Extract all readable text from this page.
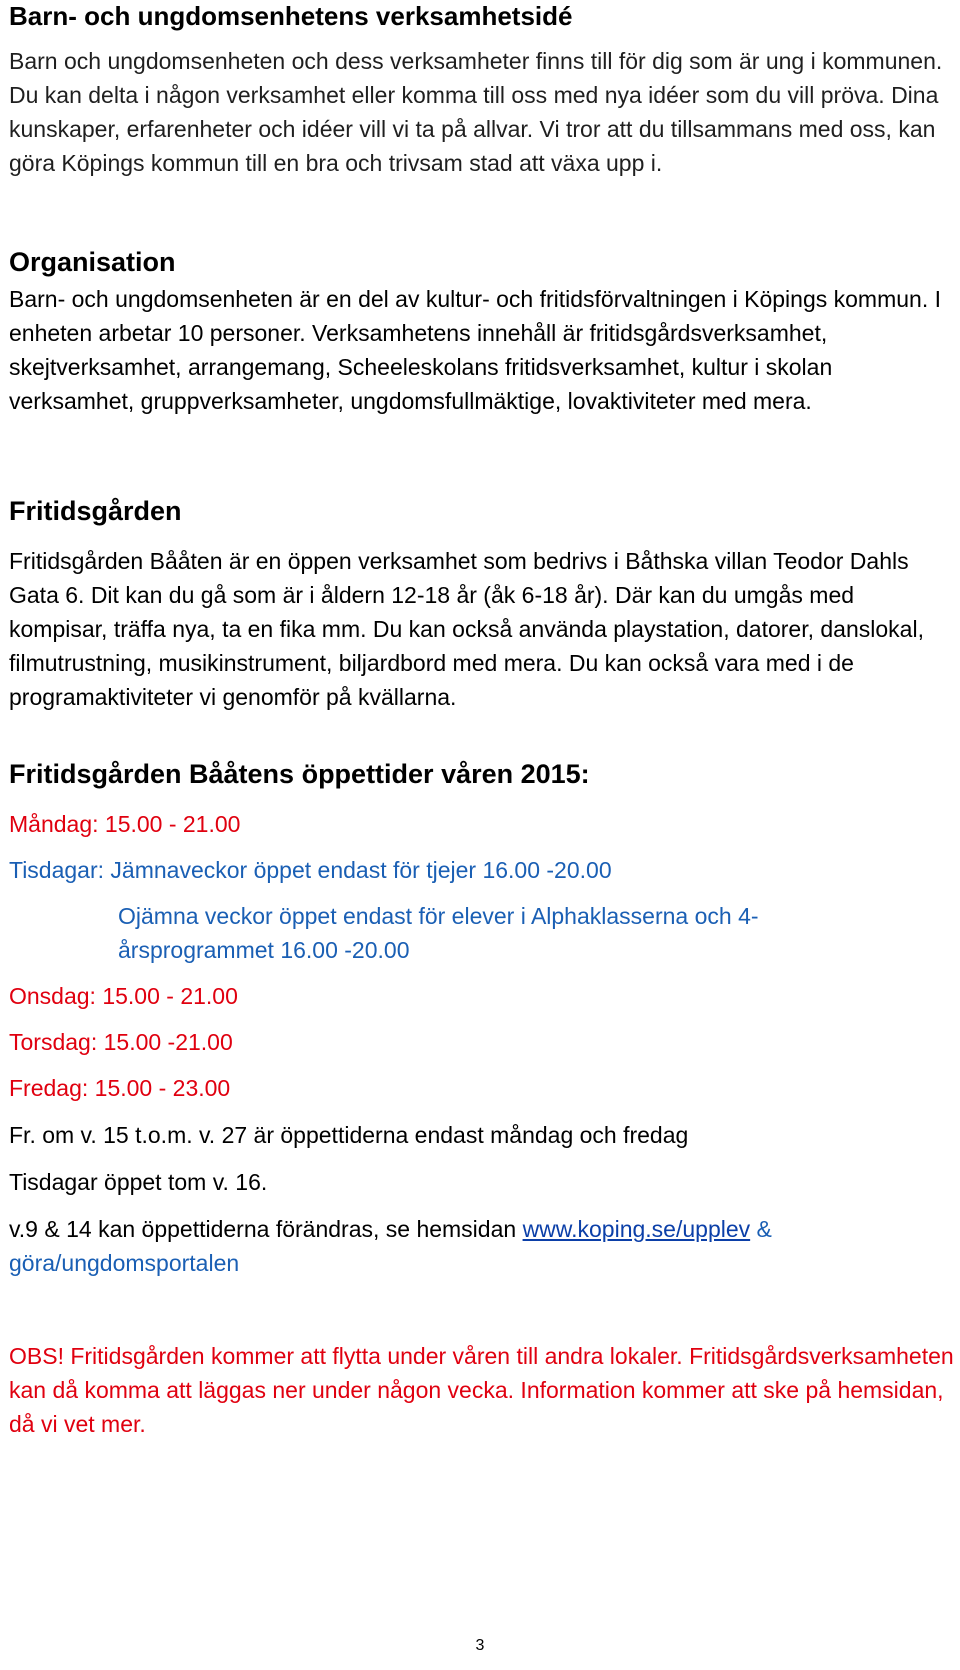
Barn- och ungdomsenhetens verksamhetsidé

Barn och ungdomsenheten och dess verksamheter finns till för dig som är ung i kommunen. Du kan delta i någon verksamhet eller komma till oss med nya idéer som du vill pröva. Dina kunskaper, erfarenheter och idéer vill vi ta på allvar. Vi tror att du tillsammans med oss, kan göra Köpings kommun till en bra och trivsam stad att växa upp i.

Organisation

Barn- och ungdomsenheten är en del av kultur- och fritidsförvaltningen i Köpings kommun. I enheten arbetar 10 personer. Verksamhetens innehåll är fritidsgårdsverksamhet, skejtverksamhet, arrangemang, Scheeleskolans fritidsverksamhet, kultur i skolan verksamhet, gruppverksamheter, ungdomsfullmäktige, lovaktiviteter med mera.

Fritidsgården

Fritidsgården Bååten är en öppen verksamhet som bedrivs i Båthska villan Teodor Dahls Gata 6. Dit kan du gå som är i åldern 12-18 år (åk 6-18 år). Där kan du umgås med kompisar, träffa nya, ta en fika mm. Du kan också använda playstation, datorer, danslokal, filmutrustning, musikinstrument, biljardbord med mera. Du kan också vara med i de programaktiviteter vi genomför på kvällarna.

Fritidsgården Bååtens öppettider våren 2015:
Måndag: 15.00 - 21.00
Tisdagar: Jämnaveckor öppet endast för tjejer 16.00 -20.00
Ojämna veckor öppet endast för elever i Alphaklasserna och 4-årsprogrammet 16.00 -20.00
Onsdag: 15.00 - 21.00
Torsdag: 15.00 -21.00
Fredag: 15.00 - 23.00
Fr. om v. 15 t.o.m. v. 27 är öppettiderna endast måndag och fredag
Tisdagar öppet tom v. 16.

v.9 & 14 kan öppettiderna förändras, se hemsidan www.koping.se/upplev & göra/ungdomsportalen

OBS! Fritidsgården kommer att flytta under våren till andra lokaler. Fritidsgårdsverksamheten kan då komma att läggas ner under någon vecka. Information kommer att ske på hemsidan, då vi vet mer.

3
